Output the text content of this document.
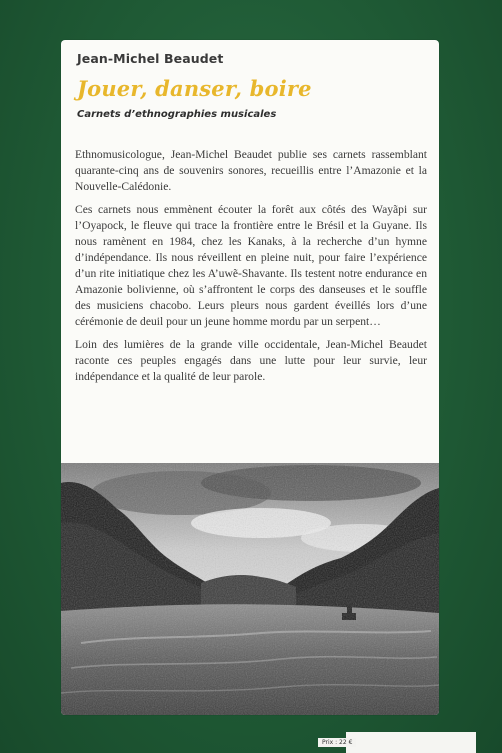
Jean-Michel Beaudet
Jouer, danser, boire
Carnets d’ethnographies musicales

Ethnomusicologue, Jean-Michel Beaudet publie ses carnets rassemblant quarante-cinq ans de souvenirs sonores, recueillis entre l’Amazonie et la Nouvelle-Calédonie.

Ces carnets nous emmènent écouter la forêt aux côtés des Wayãpi sur l’Oyapock, le fleuve qui trace la frontière entre le Brésil et la Guyane. Ils nous ramènent en 1984, chez les Kanaks, à la recherche d’un hymne d’indépendance. Ils nous réveillent en pleine nuit, pour faire l’expérience d’un rite initiatique chez les A’uwẽ-Shavante. Ils testent notre endurance en Amazonie bolivienne, où s’affrontent le corps des danseuses et le souffle des musiciens chacobo. Leurs pleurs nous gardent éveillés lors d’une cérémonie de deuil pour un jeune homme mordu par un serpent…

Loin des lumières de la grande ville occidentale, Jean-Michel Beaudet raconte ces peuples engagés dans une lutte pour leur survie, leur indépendance et la qualité de leur parole.

Prix : 22 €
